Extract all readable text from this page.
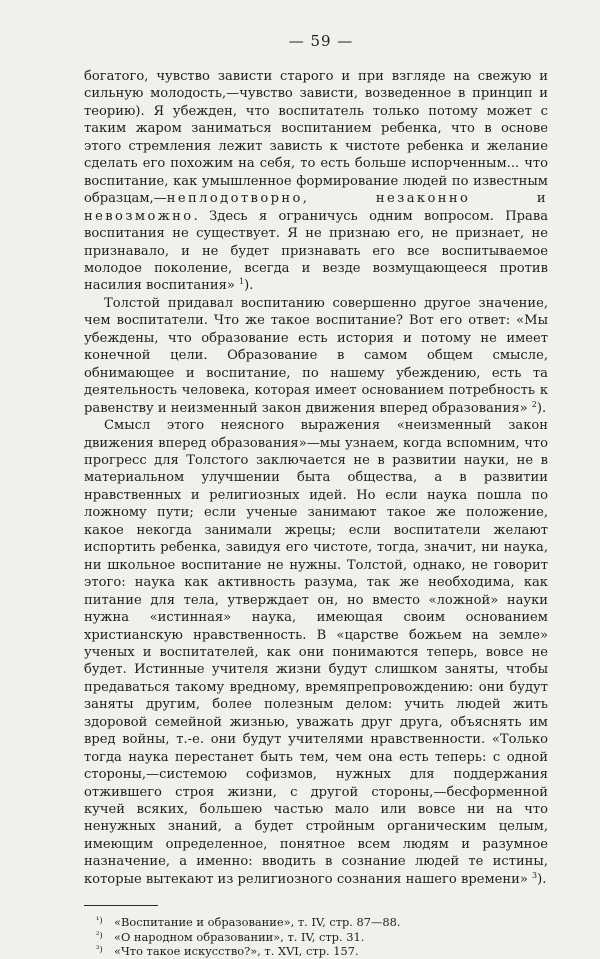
— 59 —

богатого, чувство зависти старого и при взгляде на свежую и сильную молодость,—чувство зависти, возведенное в принцип и теорию). Я убежден, что воспитатель только потому может с таким жаром заниматься воспитанием ребенка, что в основе этого стремления лежит зависть к чистоте ребенка и желание сделать его похожим на себя, то есть больше испорченным... что воспитание, как умышленное формирование людей по известным образцам,—неплодотворно, незаконно и невозможно. Здесь я ограничусь одним вопросом. Права воспитания не существует. Я не признаю его, не признает, не признавало, и не будет признавать его все воспитываемое молодое поколение, всегда и везде возмущающееся против насилия воспитания» $^1$).

Толстой придавал воспитанию совершенно другое значение, чем воспитатели. Что же такое воспитание? Вот его ответ: «Мы убеждены, что образование есть история и потому не имеет конечной цели. Образование в самом общем смысле, обнимающее и воспитание, по нашему убеждению, есть та деятельность человека, которая имеет основанием потребность к равенству и неизменный закон движения вперед образования» $^2$).

Смысл этого неясного выражения «неизменный закон движения вперед образования»—мы узнаем, когда вспомним, что прогресс для Толстого заключается не в развитии науки, не в материальном улучшении быта общества, а в развитии нравственных и религиозных идей. Но если наука пошла по ложному пути; если ученые занимают такое же положение, какое некогда занимали жрецы; если воспитатели желают испортить ребенка, завидуя его чистоте, тогда, значит, ни наука, ни школьное воспитание не нужны. Толстой, однако, не говорит этого: наука как активность разума, так же необходима, как питание для тела, утверждает он, но вместо «ложной» науки нужна «истинная» наука, имеющая своим основанием христианскую нравственность. В «царстве божьем на земле» ученых и воспитателей, как они понимаются теперь, вовсе не будет. Истинные учителя жизни будут слишком заняты, чтобы предаваться такому вредному, времяпрепровождению: они будут заняты другим, более полезным делом: учить людей жить здоровой семейной жизнью, уважать друг друга, объяснять им вред войны, т.-е. они будут учителями нравственности. «Только тогда наука перестанет быть тем, чем она есть теперь: с одной стороны,—системою софизмов, нужных для поддержания отжившего строя жизни, с другой стороны,—бесформенной кучей всяких, большею частью мало или вовсе ни на что ненужных знаний, а будет стройным органическим целым, имеющим определенное, понятное всем людям и разумное назначение, а именно: вводить в сознание людей те истины, которые вытекают из религиозного сознания нашего времени» $^3$).

¹) «Воспитание и образование», т. IV, стр. 87—88.
²) «О народном образовании», т. IV, стр. 31.
³) «Что такое искусство?», т. XVI, стр. 157.
